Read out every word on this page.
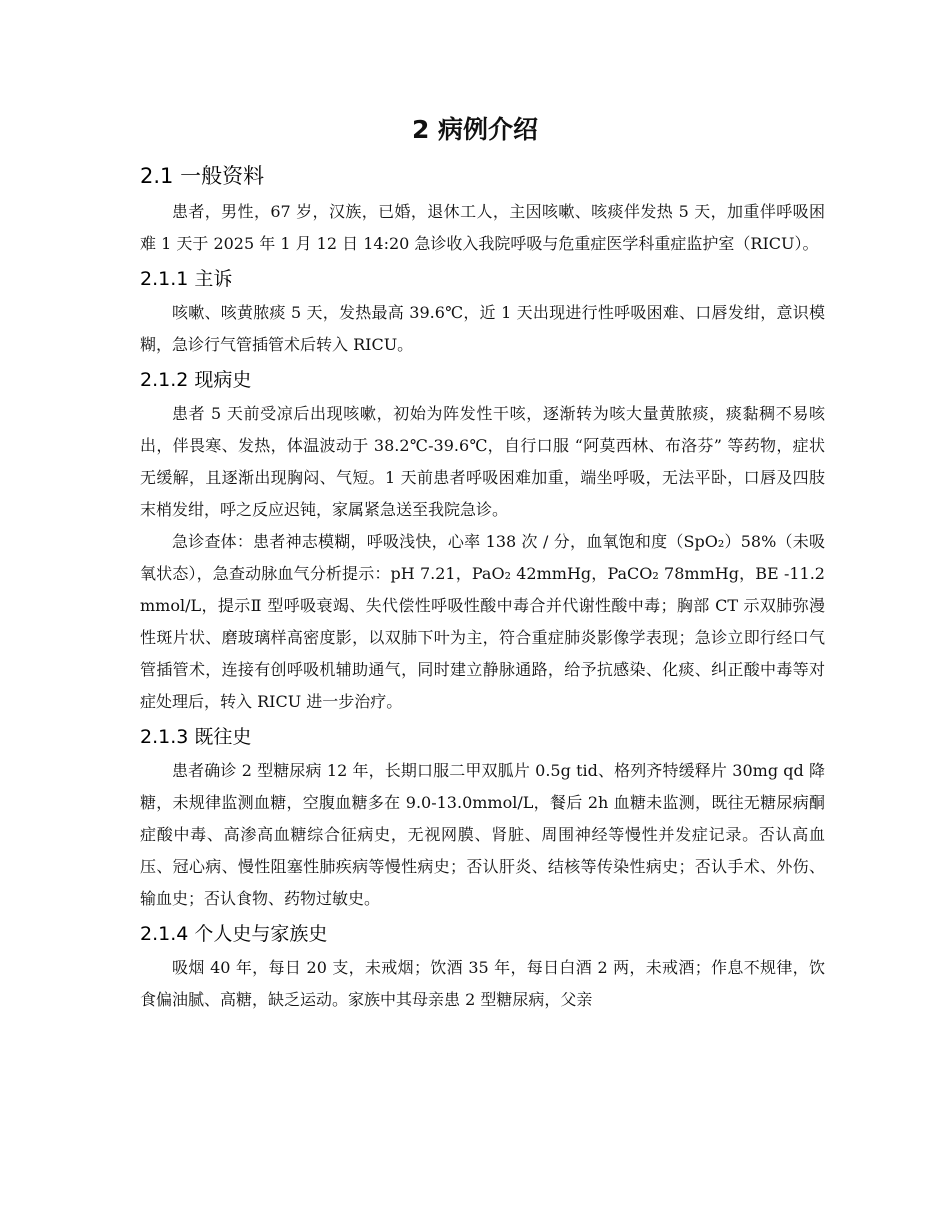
2 病例介绍
2.1 一般资料

患者，男性，67 岁，汉族，已婚，退休工人，主因咳嗽、咳痰伴发热 5 天，加重伴呼吸困难 1 天于 2025 年 1 月 12 日 14:20 急诊收入我院呼吸与危重症医学科重症监护室（RICU）。

2.1.1 主诉

咳嗽、咳黄脓痰 5 天，发热最高 39.6℃，近 1 天出现进行性呼吸困难、口唇发绀，意识模糊，急诊行气管插管术后转入 RICU。

2.1.2 现病史

患者 5 天前受凉后出现咳嗽，初始为阵发性干咳，逐渐转为咳大量黄脓痰，痰黏稠不易咳出，伴畏寒、发热，体温波动于 38.2℃-39.6℃，自行口服 “阿莫西林、布洛芬” 等药物，症状无缓解，且逐渐出现胸闷、气短。1 天前患者呼吸困难加重，端坐呼吸，无法平卧，口唇及四肢末梢发绀，呼之反应迟钝，家属紧急送至我院急诊。

急诊查体：患者神志模糊，呼吸浅快，心率 138 次 / 分，血氧饱和度（SpO₂）58%（未吸氧状态），急查动脉血气分析提示：pH 7.21，PaO₂ 42mmHg，PaCO₂ 78mmHg，BE -11.2mmol/L，提示Ⅱ 型呼吸衰竭、失代偿性呼吸性酸中毒合并代谢性酸中毒；胸部 CT 示双肺弥漫性斑片状、磨玻璃样高密度影，以双肺下叶为主，符合重症肺炎影像学表现；急诊立即行经口气管插管术，连接有创呼吸机辅助通气，同时建立静脉通路，给予抗感染、化痰、纠正酸中毒等对症处理后，转入 RICU 进一步治疗。

2.1.3 既往史

患者确诊 2 型糖尿病 12 年，长期口服二甲双胍片 0.5g tid、格列齐特缓释片 30mg qd 降糖，未规律监测血糖，空腹血糖多在 9.0-13.0mmol/L，餐后 2h 血糖未监测，既往无糖尿病酮症酸中毒、高渗高血糖综合征病史，无视网膜、肾脏、周围神经等慢性并发症记录。否认高血压、冠心病、慢性阻塞性肺疾病等慢性病史；否认肝炎、结核等传染性病史；否认手术、外伤、输血史；否认食物、药物过敏史。

2.1.4 个人史与家族史

吸烟 40 年，每日 20 支，未戒烟；饮酒 35 年，每日白酒 2 两，未戒酒；作息不规律，饮食偏油腻、高糖，缺乏运动。家族中其母亲患 2 型糖尿病，父亲
